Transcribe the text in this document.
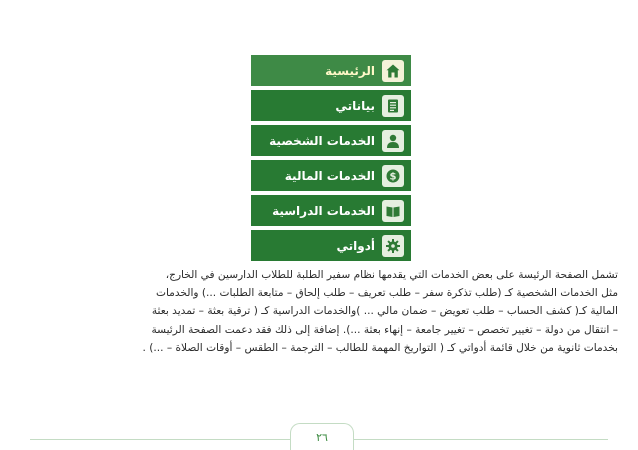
الرئيسية
بياناتي
الخدمات الشخصية
$
الخدمات المالية
الخدمات الدراسية
أدواتي

تشمل الصفحة الرئيسة على بعض الخدمات التي يقدمها نظام سفير الطلبة للطلاب الدارسين في الخارج،

مثل الخدمات الشخصية كـ (طلب تذكرة سفر – طلب تعريف – طلب إلحاق – متابعة الطلبات ...) والخدمات

المالية كـ( كشف الحساب – طلب تعويض – ضمان مالي ... )والخدمات الدراسية كـ ( ترقية بعثة – تمديد بعثة

– انتقال من دولة – تغيير تخصص – تغيير جامعة – إنهاء بعثة ...). إضافة إلى ذلك فقد دعمت الصفحة الرئيسة

بخدمات ثانوية من خلال قائمة أدواتي كـ ( التواريخ المهمة للطالب – الترجمة – الطقس – أوقات الصلاة – ...) .

٢٦
